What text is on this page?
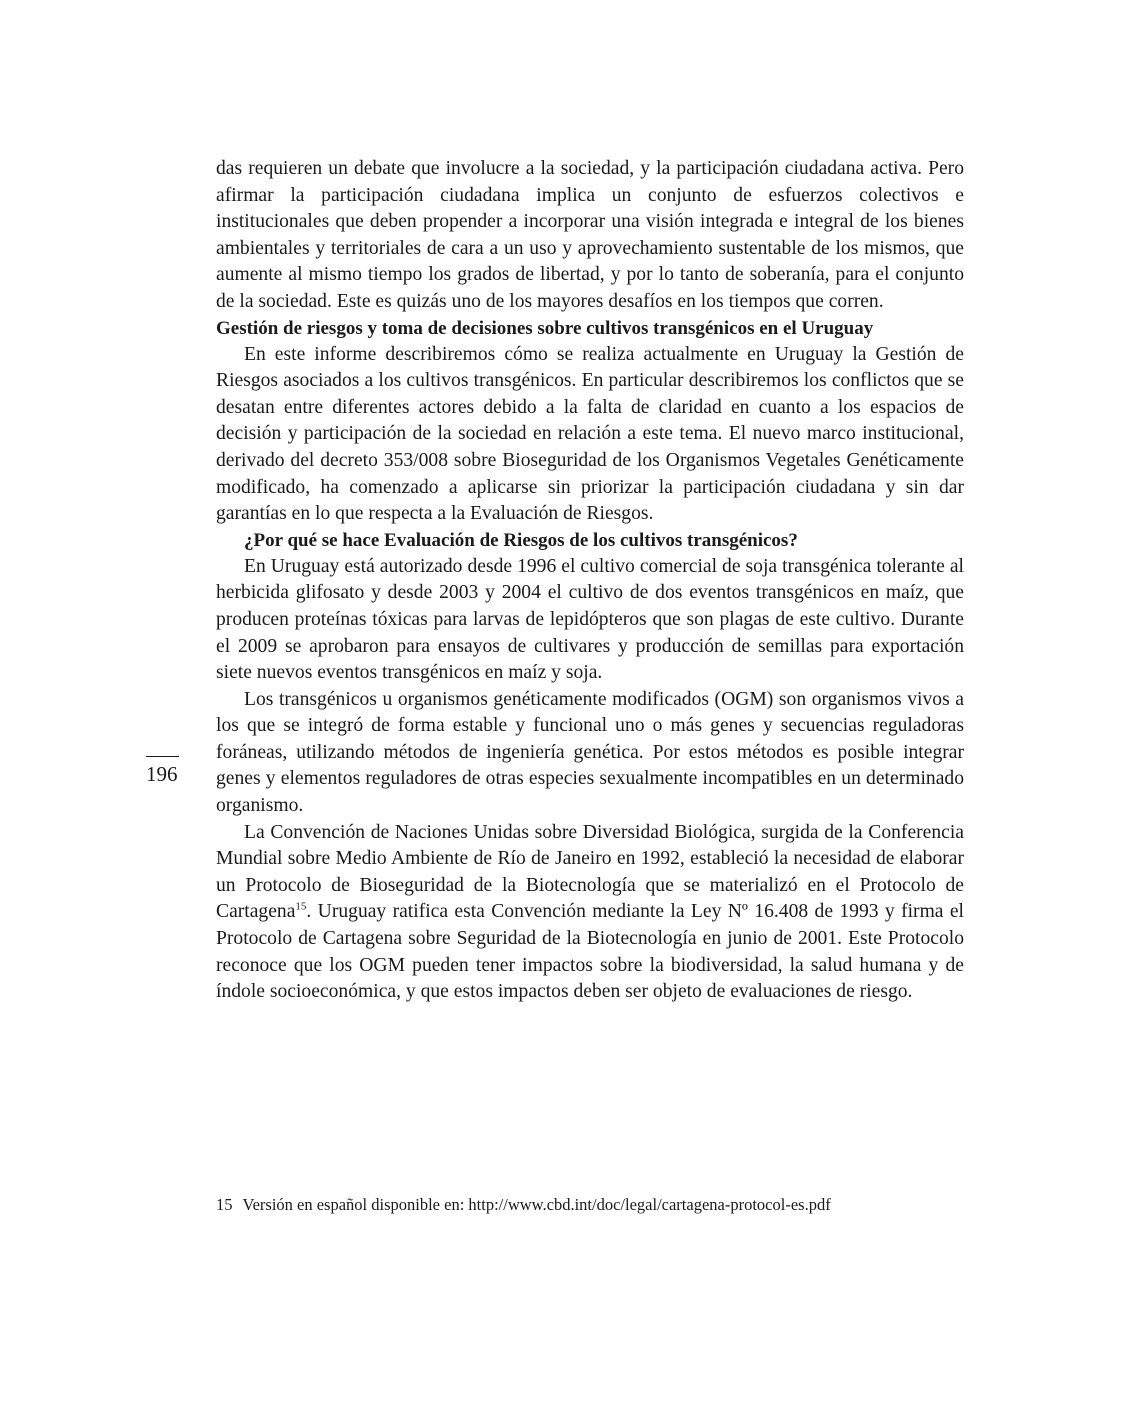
das requieren un debate que involucre a la sociedad, y la participación ciudadana activa. Pero afirmar la participación ciudadana implica un conjunto de esfuerzos colectivos e institucionales que deben propender a incorporar una visión integrada e integral de los bienes ambientales y territoriales de cara a un uso y aprovechamiento sustentable de los mismos, que aumente al mismo tiempo los grados de libertad, y por lo tanto de soberanía, para el conjunto de la sociedad. Este es quizás uno de los mayores desafíos en los tiempos que corren.

Gestión de riesgos y toma de decisiones sobre cultivos transgénicos en el Uruguay

En este informe describiremos cómo se realiza actualmente en Uruguay la Gestión de Riesgos asociados a los cultivos transgénicos. En particular describiremos los conflictos que se desatan entre diferentes actores debido a la falta de claridad en cuanto a los espacios de decisión y participación de la sociedad en relación a este tema. El nuevo marco institucional, derivado del decreto 353/008 sobre Bioseguridad de los Organismos Vegetales Genéticamente modificado, ha comenzado a aplicarse sin priorizar la participación ciudadana y sin dar garantías en lo que respecta a la Evaluación de Riesgos.

¿Por qué se hace Evaluación de Riesgos de los cultivos transgénicos?

En Uruguay está autorizado desde 1996 el cultivo comercial de soja transgénica tolerante al herbicida glifosato y desde 2003 y 2004 el cultivo de dos eventos transgénicos en maíz, que producen proteínas tóxicas para larvas de lepidópteros que son plagas de este cultivo. Durante el 2009 se aprobaron para ensayos de cultivares y producción de semillas para exportación siete nuevos eventos transgénicos en maíz y soja.

Los transgénicos u organismos genéticamente modificados (OGM) son organismos vivos a los que se integró de forma estable y funcional uno o más genes y secuencias reguladoras foráneas, utilizando métodos de ingeniería genética. Por estos métodos es posible integrar genes y elementos reguladores de otras especies sexualmente incompatibles en un determinado organismo.

La Convención de Naciones Unidas sobre Diversidad Biológica, surgida de la Conferencia Mundial sobre Medio Ambiente de Río de Janeiro en 1992, estableció la necesidad de elaborar un Protocolo de Bioseguridad de la Biotecnología que se materializó en el Protocolo de Cartagena$^{15}$. Uruguay ratifica esta Convención mediante la Ley Nº 16.408 de 1993 y firma el Protocolo de Cartagena sobre Seguridad de la Biotecnología en junio de 2001. Este Protocolo reconoce que los OGM pueden tener impactos sobre la biodiversidad, la salud humana y de índole socioeconómica, y que estos impactos deben ser objeto de evaluaciones de riesgo.

196
15 Versión en español disponible en: http://www.cbd.int/doc/legal/cartagena-protocol-es.pdf
